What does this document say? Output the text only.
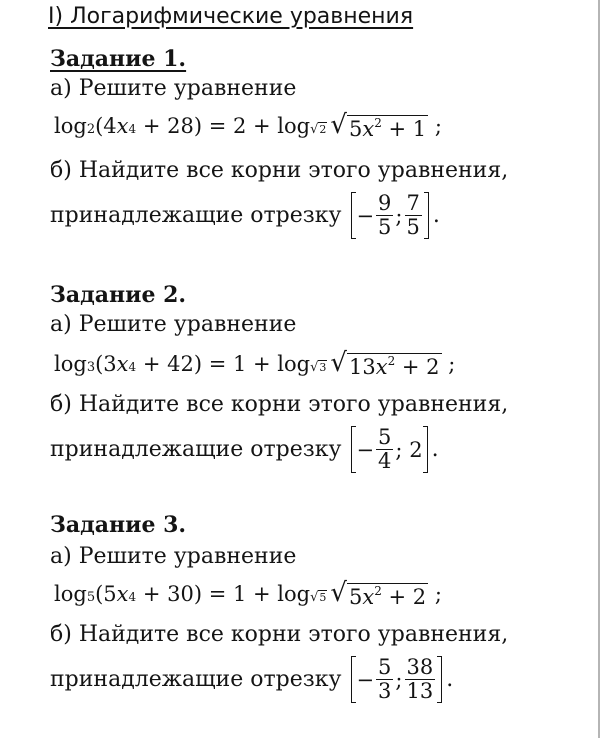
I) Логарифмические уравнения
Задание 1.
а) Решите уравнение
log 2 ( 4 x 4 + 28 ) = 2 + log √ 2 √ $5x^2 + 1$ ;
б) Найдите все корни этого уравнения,
принадлежащие отрезку − $\frac{9}{5}$ ; $\frac{7}{5}$ .
Задание 2.
а) Решите уравнение
log 3 ( 3 x 4 + 42 ) = 1 + log √ 3 √ $13x^2 + 2$ ;
б) Найдите все корни этого уравнения,
принадлежащие отрезку − $\frac{5}{4}$ ; 2 .
Задание 3.
а) Решите уравнение
log 5 ( 5 x 4 + 30 ) = 1 + log √ 5 √ $5x^2 + 2$ ;
б) Найдите все корни этого уравнения,
принадлежащие отрезку − $\frac{5}{3}$ ; $\frac{38}{13}$ .
